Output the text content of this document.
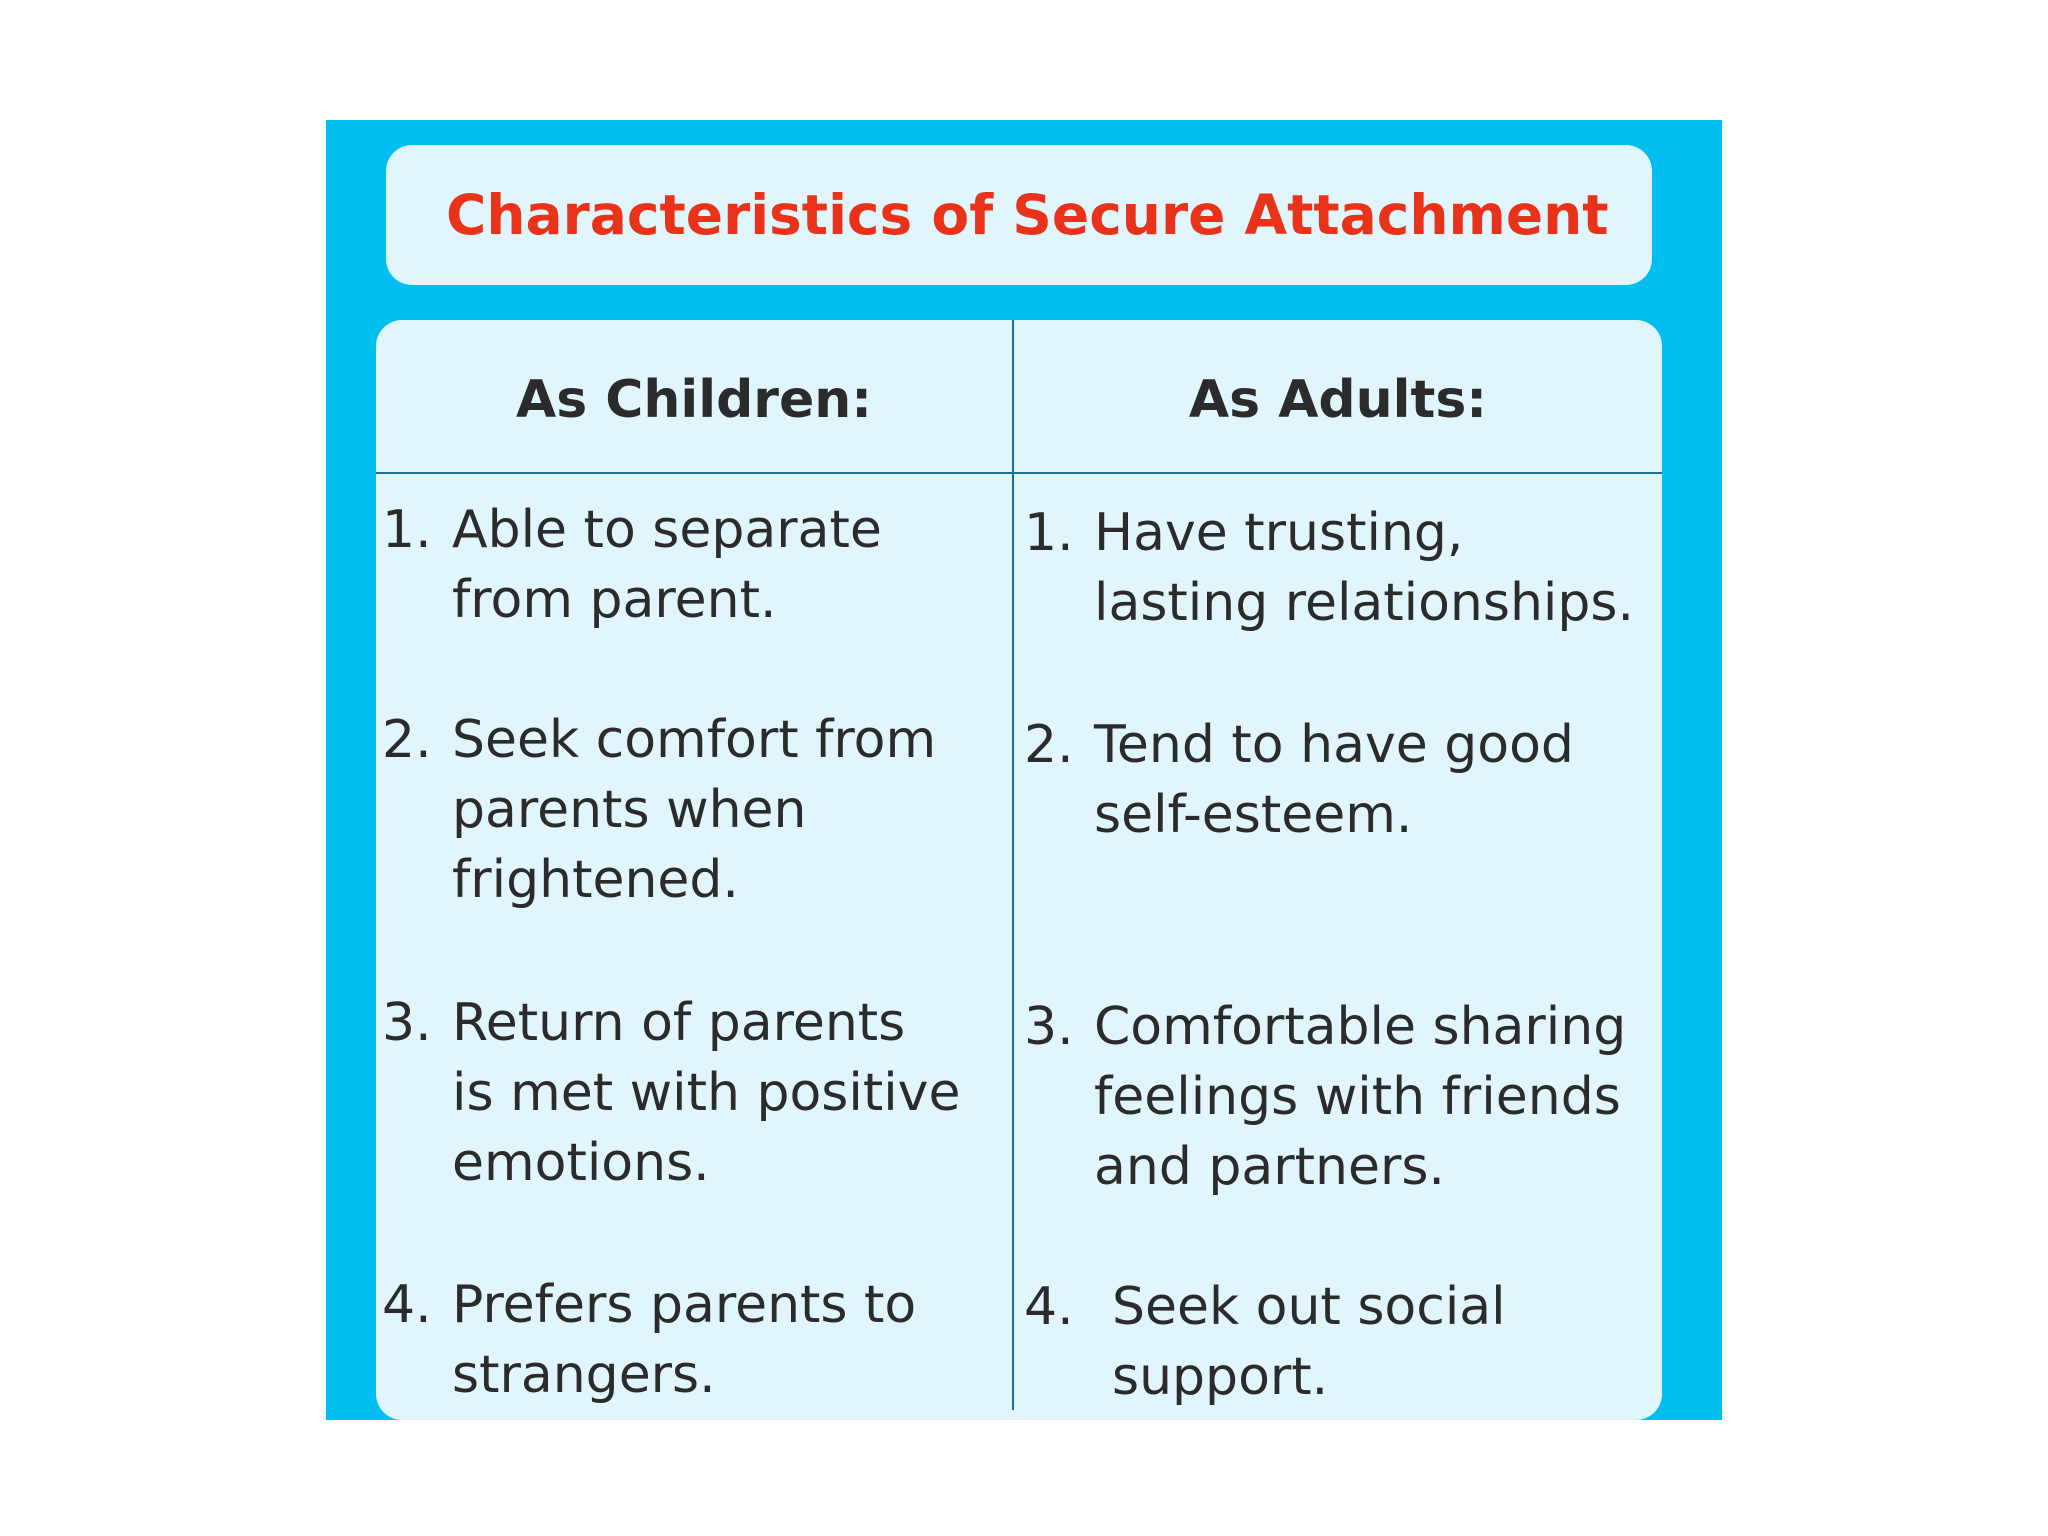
Characteristics of Secure Attachment
As Children:	As Adults:
1. Able to separate
from parent.
2. Seek comfort from
parents when
frightened.
3. Return of parents
is met with positive
emotions.
4. Prefers parents to
strangers.
1. Have trusting,
lasting relationships.
2. Tend to have good
self-esteem.
3. Comfortable sharing
feelings with friends
and partners.
4. Seek out social
support.
